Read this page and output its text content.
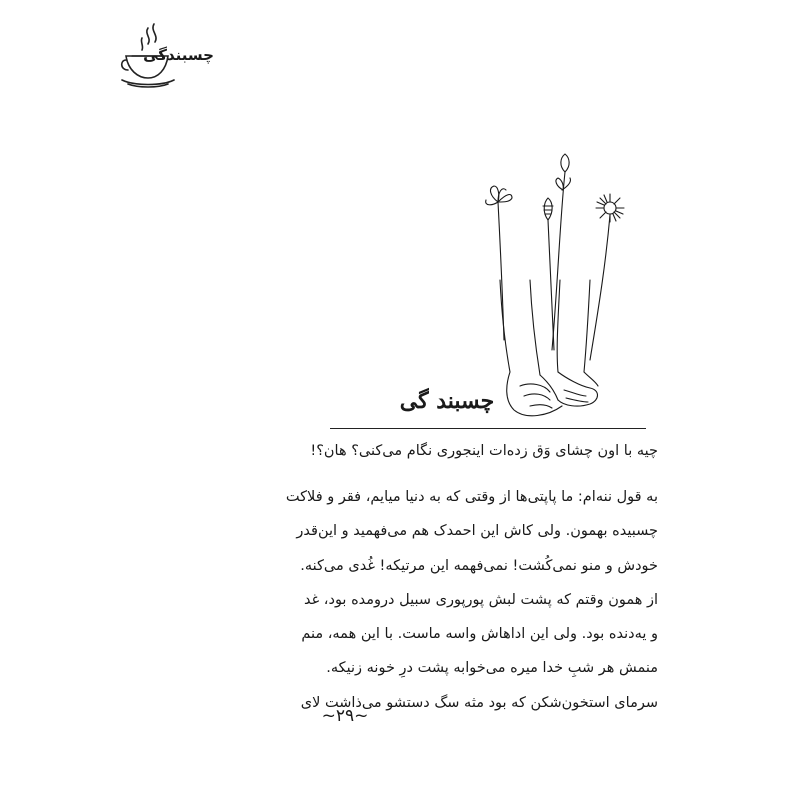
چسبندگی
چسبند گی
چیه با اون چشای وَق زده‌ات اینجوری نگام می‌کنی؟ هان؟!

به قول ننه‌ام: ما پاپتی‌ها از وقتی که به دنیا میایم، فقر و فلاکت

چسبیده بهمون. ولی کاش این احمدک هم می‌فهمید و این‌قدر

خودش و منو نمی‌کُشت! نمی‌فهمه این مرتیکه! غُدی می‌کنه.

از همون وقتم که پشت لبش پورپوری سبیل درومده بود، غد

و یه‌دنده بود. ولی این اداهاش واسه ماست. با این همه، منم

منمش هر شبِ خدا میره می‌خوابه پشت درِ خونه زنیکه.

سرمای استخون‌شکن که بود مثه سگ دستشو می‌ذاشت لای

~۲۹~
